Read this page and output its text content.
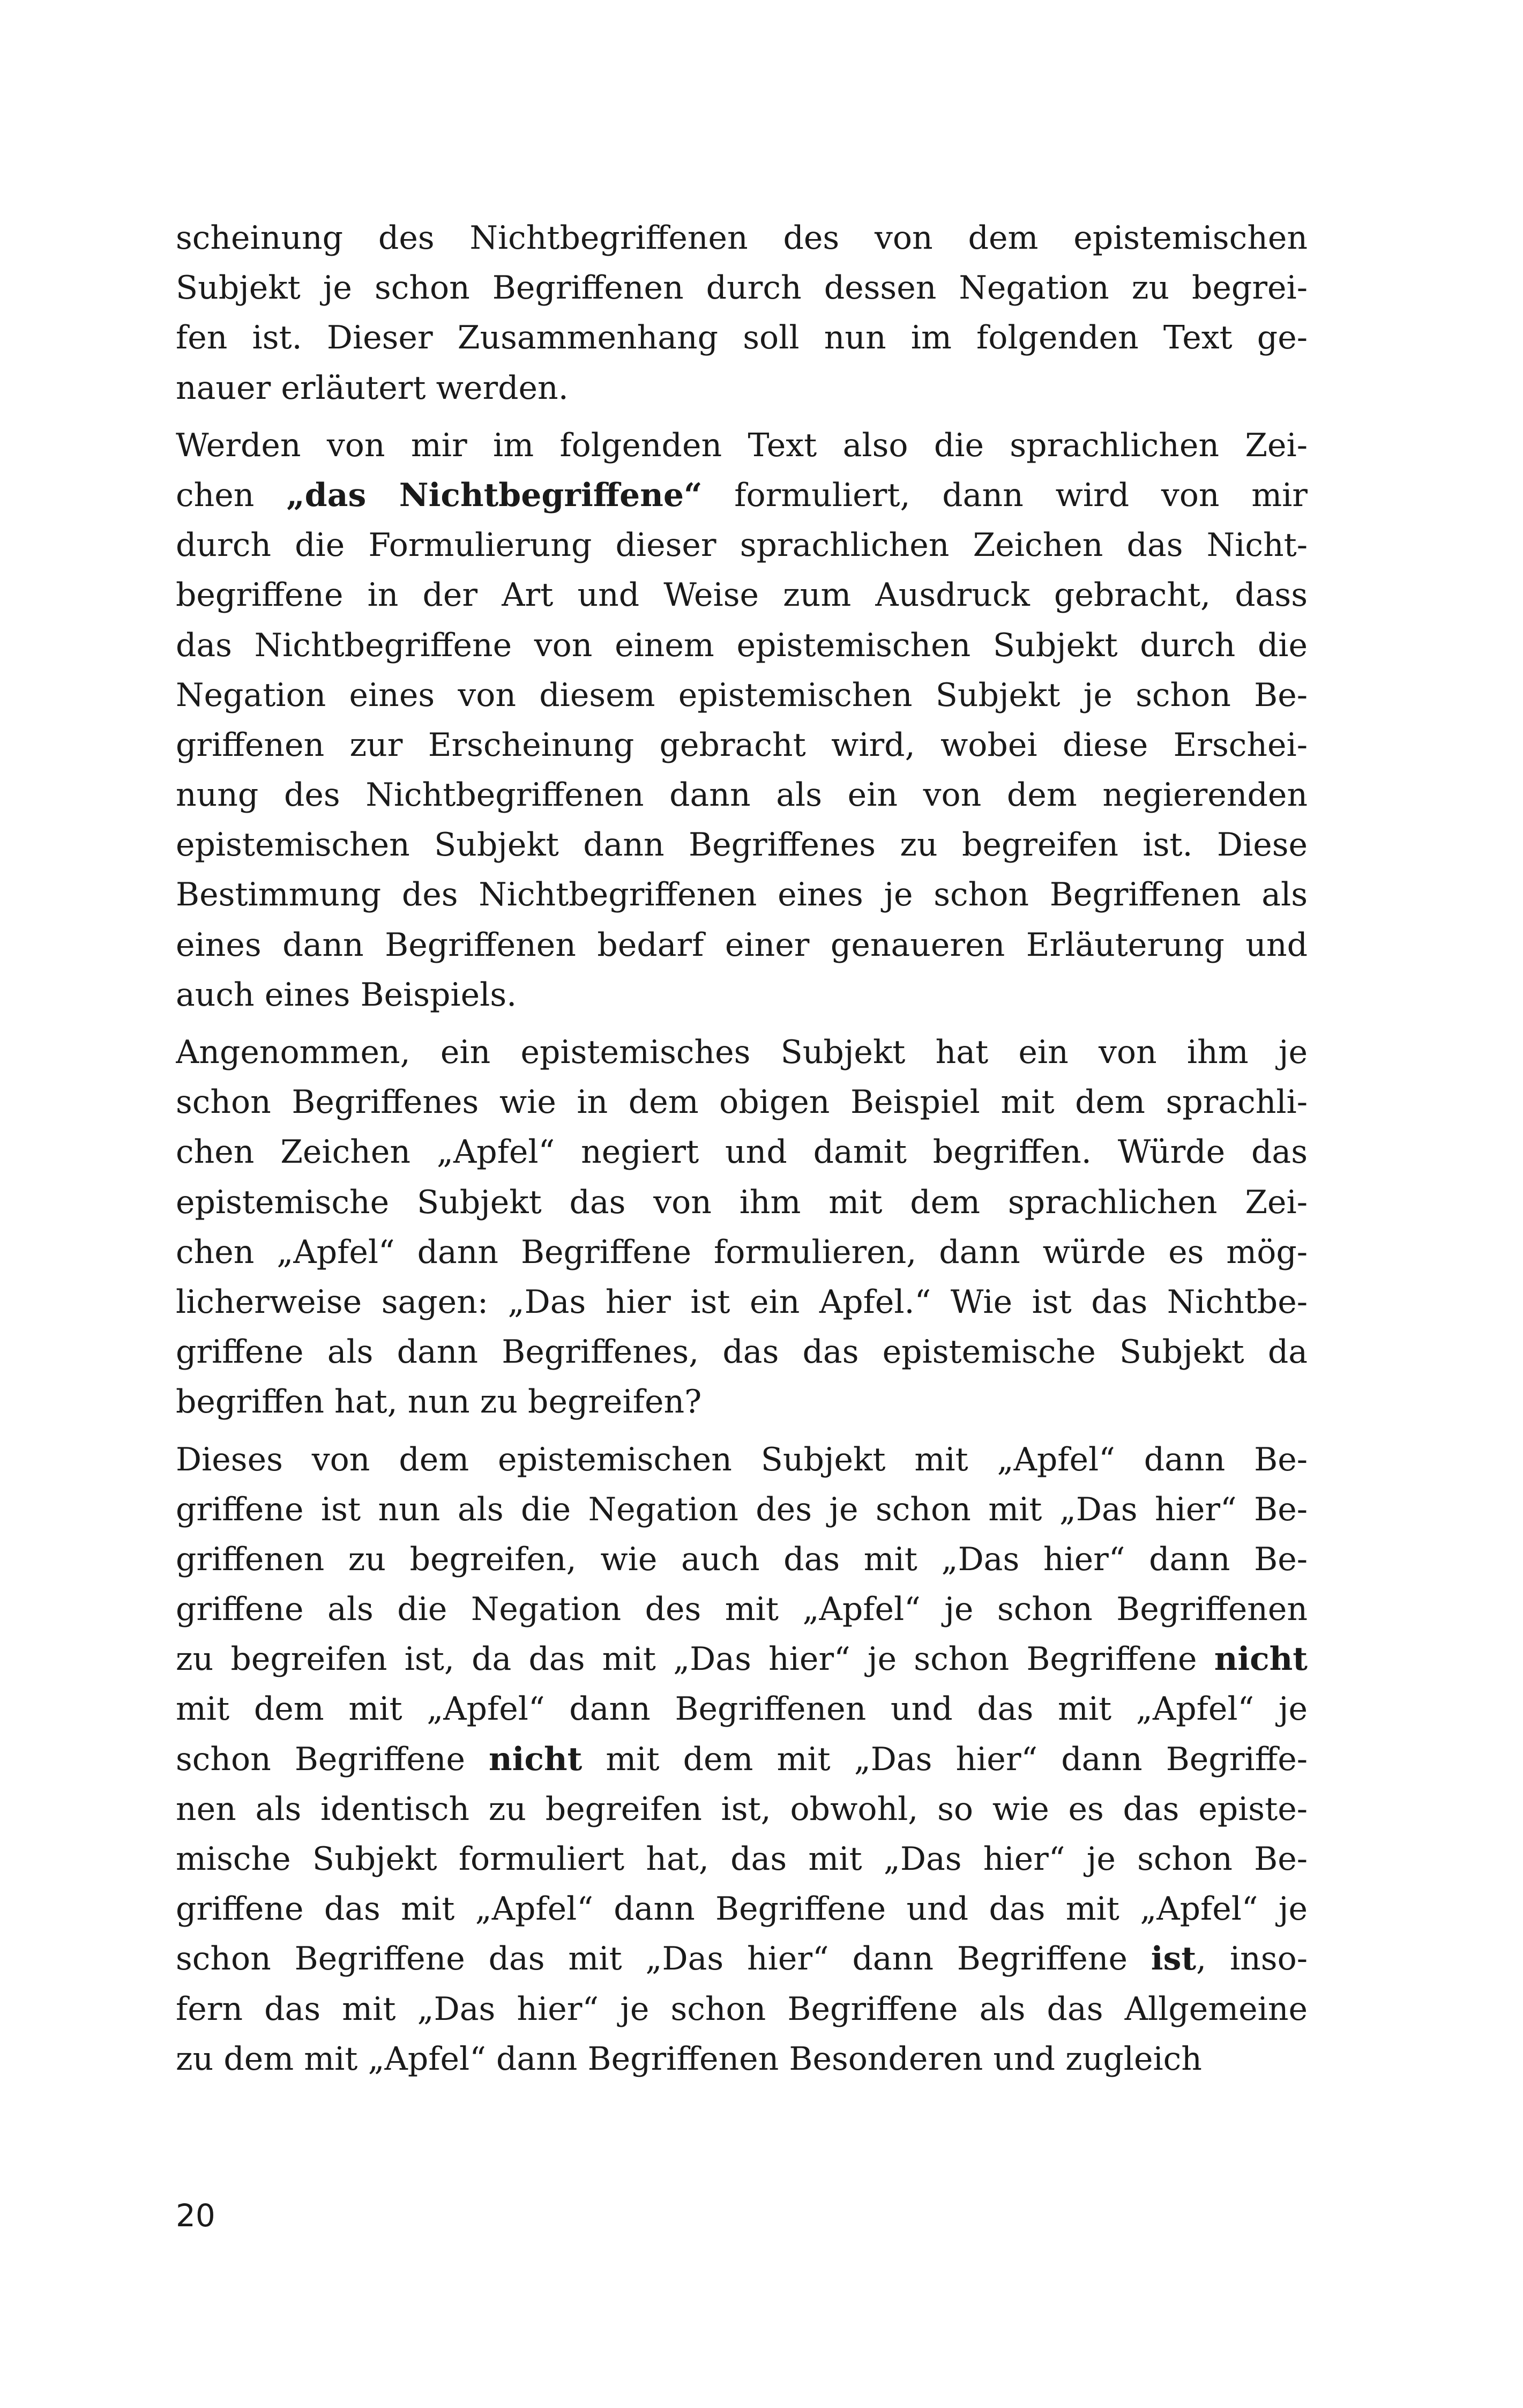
scheinung des Nichtbegriffenen des von dem epistemischen
Subjekt je schon Begriffenen durch dessen Negation zu begrei-
fen ist. Dieser Zusammenhang soll nun im folgenden Text ge-
nauer erläutert werden.
Werden von mir im folgenden Text also die sprachlichen Zei-
chen „das Nichtbegriffene“ formuliert, dann wird von mir
durch die Formulierung dieser sprachlichen Zeichen das Nicht-
begriffene in der Art und Weise zum Ausdruck gebracht, dass
das Nichtbegriffene von einem epistemischen Subjekt durch die
Negation eines von diesem epistemischen Subjekt je schon Be-
griffenen zur Erscheinung gebracht wird, wobei diese Erschei-
nung des Nichtbegriffenen dann als ein von dem negierenden
epistemischen Subjekt dann Begriffenes zu begreifen ist. Diese
Bestimmung des Nichtbegriffenen eines je schon Begriffenen als
eines dann Begriffenen bedarf einer genaueren Erläuterung und
auch eines Beispiels.
Angenommen, ein epistemisches Subjekt hat ein von ihm je
schon Begriffenes wie in dem obigen Beispiel mit dem sprachli-
chen Zeichen „Apfel“ negiert und damit begriffen. Würde das
epistemische Subjekt das von ihm mit dem sprachlichen Zei-
chen „Apfel“ dann Begriffene formulieren, dann würde es mög-
licherweise sagen: „Das hier ist ein Apfel.“ Wie ist das Nichtbe-
griffene als dann Begriffenes, das das epistemische Subjekt da
begriffen hat, nun zu begreifen?
Dieses von dem epistemischen Subjekt mit „Apfel“ dann Be-
griffene ist nun als die Negation des je schon mit „Das hier“ Be-
griffenen zu begreifen, wie auch das mit „Das hier“ dann Be-
griffene als die Negation des mit „Apfel“ je schon Begriffenen
zu begreifen ist, da das mit „Das hier“ je schon Begriffene nicht
mit dem mit „Apfel“ dann Begriffenen und das mit „Apfel“ je
schon Begriffene nicht mit dem mit „Das hier“ dann Begriffe-
nen als identisch zu begreifen ist, obwohl, so wie es das episte-
mische Subjekt formuliert hat, das mit „Das hier“ je schon Be-
griffene das mit „Apfel“ dann Begriffene und das mit „Apfel“ je
schon Begriffene das mit „Das hier“ dann Begriffene ist, inso-
fern das mit „Das hier“ je schon Begriffene als das Allgemeine
zu dem mit „Apfel“ dann Begriffenen Besonderen und zugleich
20
